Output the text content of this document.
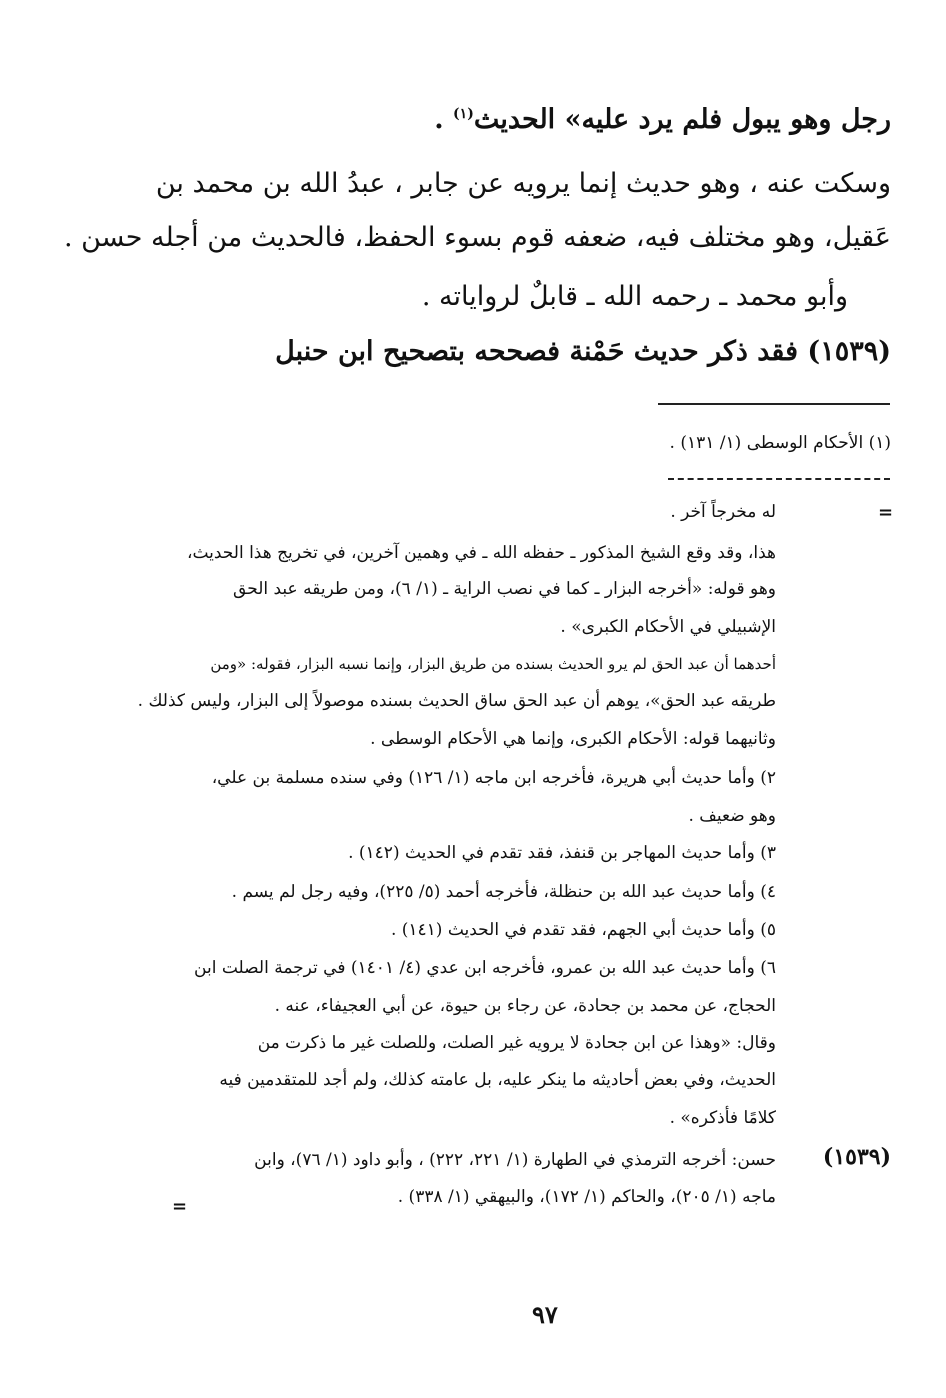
رجل وهو يبول فلم يرد عليه» الحديث$^{(١)}$ .
وسكت عنه ، وهو حديث إنما يرويه عن جابر ، عبدُ الله بن محمد بن
عَقيل، وهو مختلف فيه، ضعفه قوم بسوء الحفظ، فالحديث من أجله حسن .
وأبو محمد ـ رحمه الله ـ قابلٌ لرواياته .
(١٥٣٩) فقد ذكر حديث حَمْنة فصححه بتصحيح ابن حنبل
(١) الأحكام الوسطى (١/ ١٣١) .
=
له مخرجاً آخر .
هذا، وقد وقع الشيخ المذكور ـ حفظه الله ـ في وهمين آخرين، في تخريج هذا الحديث،
وهو قوله: «أخرجه البزار ـ كما في نصب الراية ـ (١/ ٦)، ومن طريقه عبد الحق
الإشبيلي في الأحكام الكبرى» .
أحدهما أن عبد الحق لم يرو الحديث بسنده من طريق البزار، وإنما نسبه البزار، فقوله: «ومن
طريقه عبد الحق»، يوهم أن عبد الحق ساق الحديث بسنده موصولاً إلى البزار، وليس كذلك .
وثانيهما قوله: الأحكام الكبرى، وإنما هي الأحكام الوسطى .
٢) وأما حديث أبي هريرة، فأخرجه ابن ماجه (١/ ١٢٦) وفي سنده مسلمة بن علي،
وهو ضعيف .
٣) وأما حديث المهاجر بن قنفذ، فقد تقدم في الحديث (١٤٢) .
٤) وأما حديث عبد الله بن حنظلة، فأخرجه أحمد (٥/ ٢٢٥)، وفيه رجل لم يسم .
٥) وأما حديث أبي الجهم، فقد تقدم في الحديث (١٤١) .
٦) وأما حديث عبد الله بن عمرو، فأخرجه ابن عدي (٤/ ١٤٠١) في ترجمة الصلت ابن
الحجاج، عن محمد بن جحادة، عن رجاء بن حيوة، عن أبي العجيفاء، عنه .
وقال: «وهذا عن ابن جحادة لا يرويه غير الصلت، وللصلت غير ما ذكرت من
الحديث، وفي بعض أحاديثه ما ينكر عليه، بل عامته كذلك، ولم أجد للمتقدمين فيه
كلامًا فأذكره» .
(١٥٣٩)
حسن: أخرجه الترمذي في الطهارة (١/ ٢٢١، ٢٢٢) ، وأبو داود (١/ ٧٦)، وابن
ماجه (١/ ٢٠٥)، والحاكم (١/ ١٧٢)، والبيهقي (١/ ٣٣٨) .
=
٩٧
